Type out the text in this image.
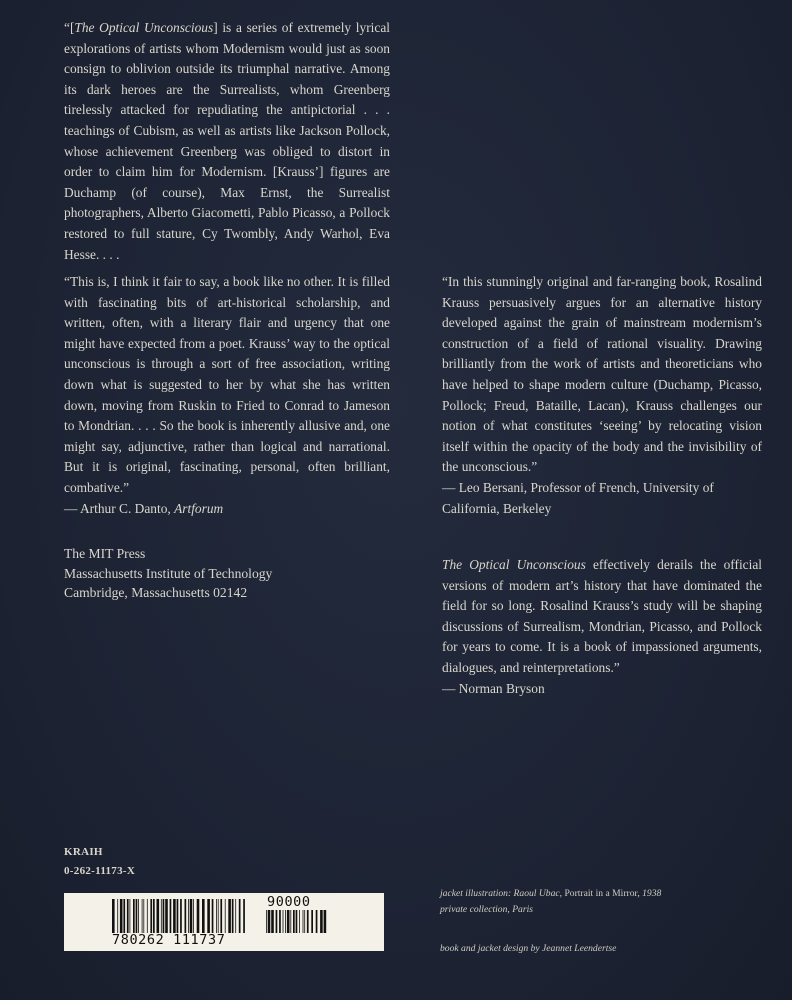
“[The Optical Unconscious] is a series of extremely lyrical explorations of artists whom Modernism would just as soon consign to oblivion outside its triumphal narrative. Among its dark heroes are the Surrealists, whom Greenberg tirelessly attacked for repudiating the antipictorial . . . teachings of Cubism, as well as artists like Jackson Pollock, whose achievement Greenberg was obliged to distort in order to claim him for Modernism. [Krauss’] figures are Duchamp (of course), Max Ernst, the Surrealist photographers, Alberto Giacometti, Pablo Picasso, a Pollock restored to full stature, Cy Twombly, Andy Warhol, Eva Hesse. . . .

“This is, I think it fair to say, a book like no other. It is filled with fascinating bits of art-historical scholarship, and written, often, with a literary flair and urgency that one might have expected from a poet. Krauss’ way to the optical unconscious is through a sort of free association, writing down what is suggested to her by what she has written down, moving from Ruskin to Fried to Conrad to Jameson to Mondrian. . . . So the book is inherently allusive and, one might say, adjunctive, rather than logical and narrational. But it is original, fascinating, personal, often brilliant, combative.”

— Arthur C. Danto, Artforum

“In this stunningly original and far-ranging book, Rosalind Krauss persuasively argues for an alternative history developed against the grain of mainstream modernism’s construction of a field of rational visuality. Drawing brilliantly from the work of artists and theoreticians who have helped to shape modern culture (Duchamp, Picasso, Pollock; Freud, Bataille, Lacan), Krauss challenges our notion of what constitutes ‘seeing’ by relocating vision itself within the opacity of the body and the invisibility of the unconscious.”

— Leo Bersani, Professor of French, University of California, Berkeley

The Optical Unconscious effectively derails the official versions of modern art’s history that have dominated the field for so long. Rosalind Krauss’s study will be shaping discussions of Surrealism, Mondrian, Picasso, and Pollock for years to come. It is a book of impassioned arguments, dialogues, and reinterpretations.”

— Norman Bryson

The MIT Press
Massachusetts Institute of Technology
Cambridge, Massachusetts 02142
KRAIH
0-262-11173-X
780262 111737
90000
jacket illustration: Raoul Ubac, Portrait in a Mirror, 1938
private collection, Paris
book and jacket design by Jeannet Leendertse
